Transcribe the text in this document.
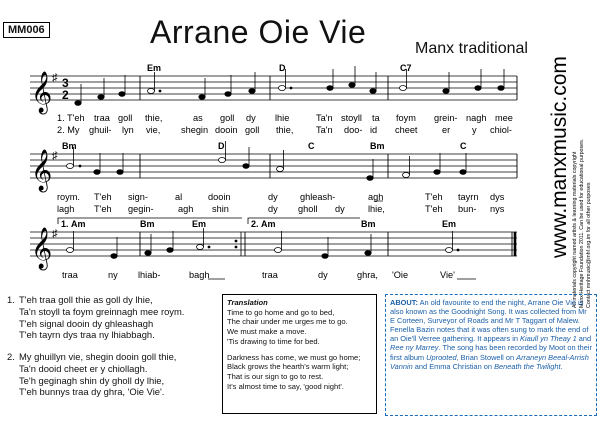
MM006	Arrane Oie Vie	Manx traditional
www.manxmusic.com All materials copyright named artists & learning materials copyright Manx Heritage Foundation 2011. Can be used for educational purposes. Contact mnhmusic@mhf.org.im for all other purposes
𝄞
𝄞
𝄞
♯
♯
♯
3
2
Em	D	C7
Bm	D	C	Bm	C
1. Am	Bm	Em	2. Am	Bm	Em
1. T'eh traa goll thie,	as goll dy lhie	Ta'n stoyll ta foym grein- nagh mee
2. My ghuil- lyn vie, shegin dooin goll thie, Ta'n doo- id cheet	er y chiol-
roym. T'eh sign-	al	dooin	dy ghleash-	agh	T'eh tayrn dys
lagh T'eh gegin-	agh shin	dy gholl dy	lhie,	T'eh bun- nys
traa	ny lhiab-	bagh	traa	dy	ghra, 'Oie	Vie'
1. T'eh traa goll thie as goll dy lhie,
Ta'n stoyll ta foym greinnagh mee roym.
T'eh signal dooin dy ghleashagh
T'eh tayrn dys traa ny lhiabbagh.
2. My ghuillyn vie, shegin dooin goll thie,
Ta'n dooid cheet er y chiollagh.
Te'h geginagh shin dy gholl dy lhie,
T'eh bunnys traa dy ghra, 'Oie Vie'.
Translation
Time to go home and go to bed,
The chair under me urges me to go.
We must make a move.
'Tis drawing to time for bed.
Darkness has come, we must go home;
Black grows the hearth's warm light;
That is our sign to go to rest.
It's almost time to say, 'good night'.
ABOUT: An old favourite to end the night, Arrane Oie Vie is also known as the Goodnight Song. It was collected from Mr E Corteen, Surveyor of Roads and Mr T Taggart of Malew. Fenella Bazin notes that it was often sung to mark the end of an Oie'll Verree gathering. It appears in Kiaull yn Theay 1 and Ree ny Marrey. The song has been recorded by Moot on their first album Uprooted, Brian Stowell on Arraneyn Beeal-Arrish Vannin and Emma Christian on Beneath the Twilight.
